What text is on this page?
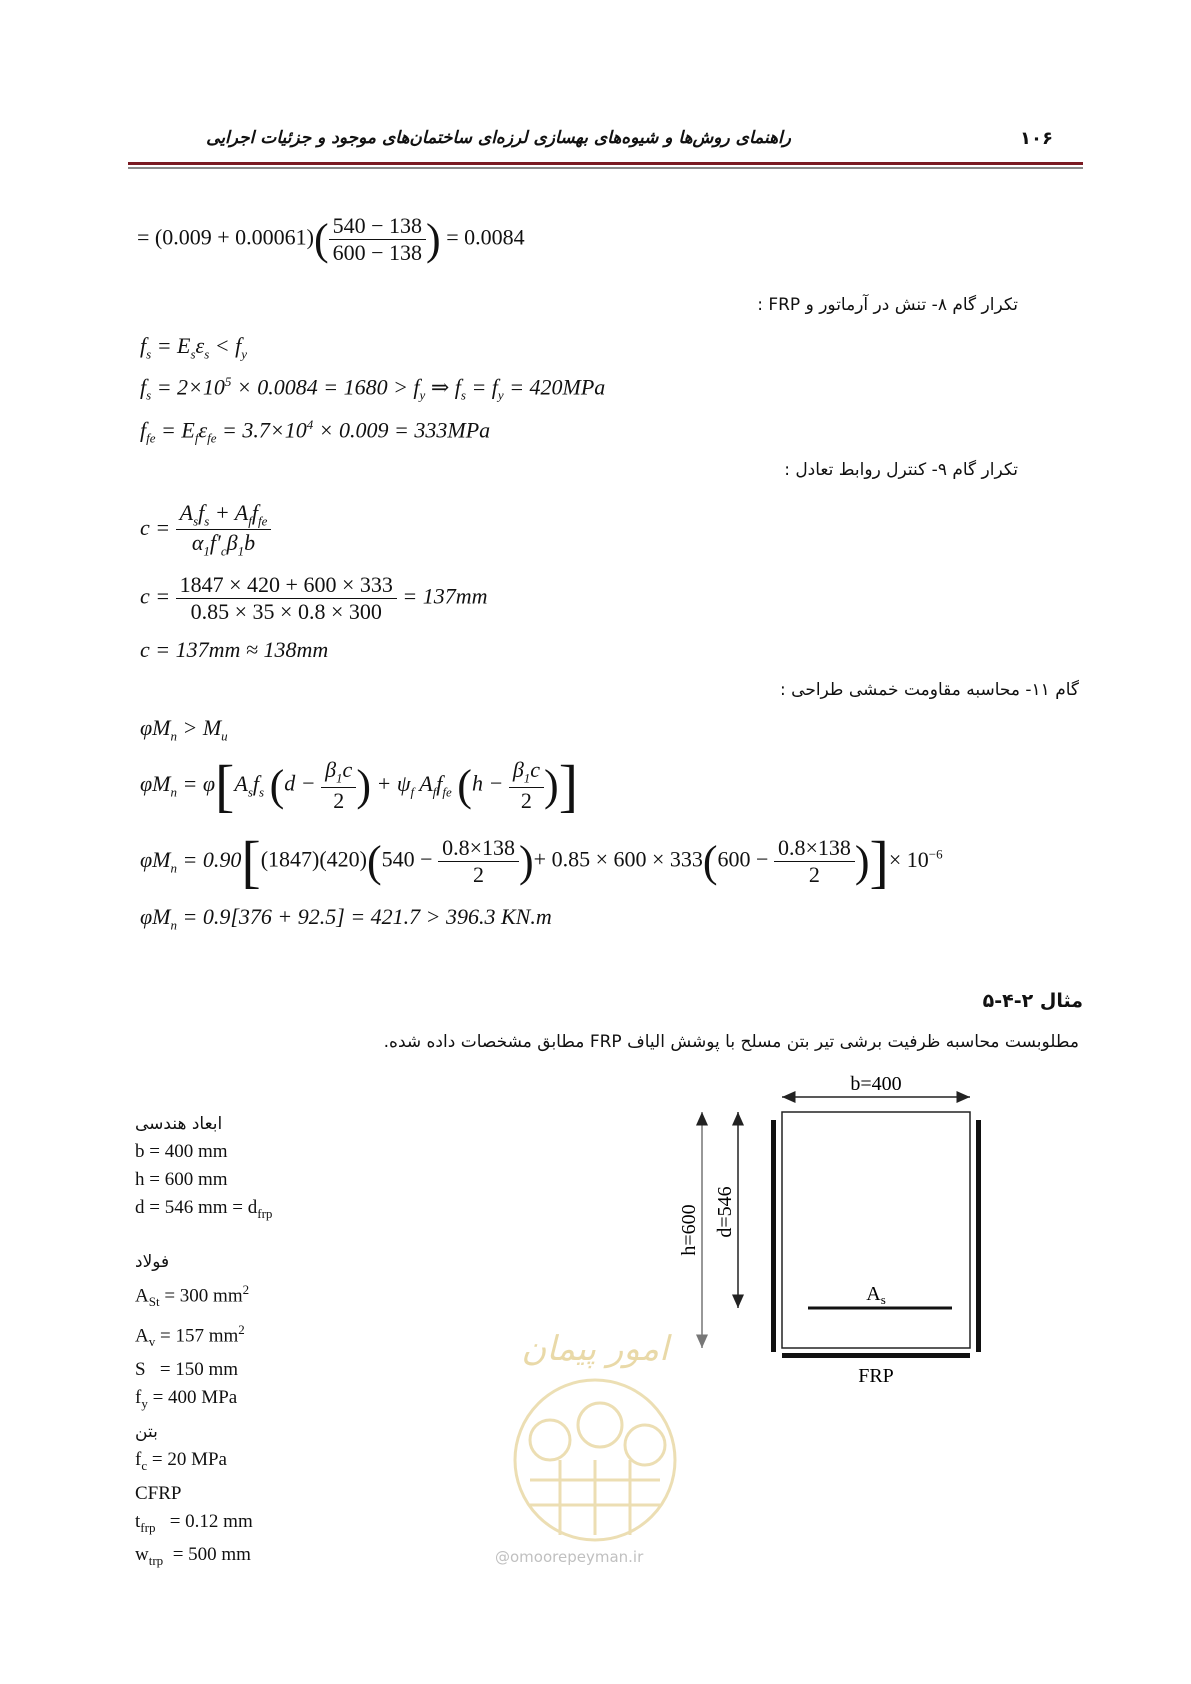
راهنمای روش‌ها و شیوه‌های بهسازی لرزه‌ای ساختمان‌های موجود و جزئیات اجرایی	۱۰۶
= $(0.009 + 0.00061)( \frac{540 - 138}{600 - 138}$ ) = 0.0084
تکرار گام ۸- تنش در آرماتور و FRP :
$f_s = E_s\varepsilon_s < f_y$
$f_s = 2\times 10^5 \times 0.0084 = 1680 > f_y$ ⇒ $f_s = f_y = 420MPa$
$f_{fe} = E_f\varepsilon_{fe} = 3.7\times 10^4 \times 0.009 = 333MPa$
تکرار گام ۹- کنترل روابط تعادل :
$c = \frac{A_sf_s + A_ff_{fe}}{\alpha_1f'_c\beta_1b}$
$c = \frac{1847 \times 420 + 600 \times 333}{0.85 \times 35 \times 0.8 \times 300} = 137mm$
c = 137mm ≈ 138mm
گام ۱۱- محاسبه مقاومت خمشی طراحی :
$\varphi M_n > M_u$
$\varphi M_n = \varphi[A_sf_s$ ($d - \frac{\beta_1c}{2}$ ) + $\psi_f$ $A_ff_{fe}$ ($h - \frac{\beta_1c}{2}$ )]
$\varphi M_n = 0.90[(1847)(420)(540 - \frac{0.8\times 138}{2}$ )+ $0.85 \times 600 \times 333(600 - \frac{0.8\times 138}{2}$ )]× $10^{-6}$
$\varphi M_n = 0.9[376 + 92.5] = 421.7 > 396.3$ KN.m
مثال ۲-۴-۵
مطلوبست محاسبه ظرفیت برشی تیر بتن مسلح با پوشش الیاف FRP مطابق مشخصات داده شده.
ابعاد هندسی
b = 400 mm
h = 600 mm
d = 546 mm = $d_{frp}$
فولاد
$A_{St} = 300$ $mm^2$
$A_v = 157$ $mm^2$
S   = 150 mm
$f_y = 400$ MPa
بتن
$f_c = 20$ MPa
CFRP
$t_{frp} = 0.12$ mm
$w_{trp} = 500$ mm
امور پیمان
@omoorepeyman.ir
b=400
h=600 d=546
$A_s$
FRP
